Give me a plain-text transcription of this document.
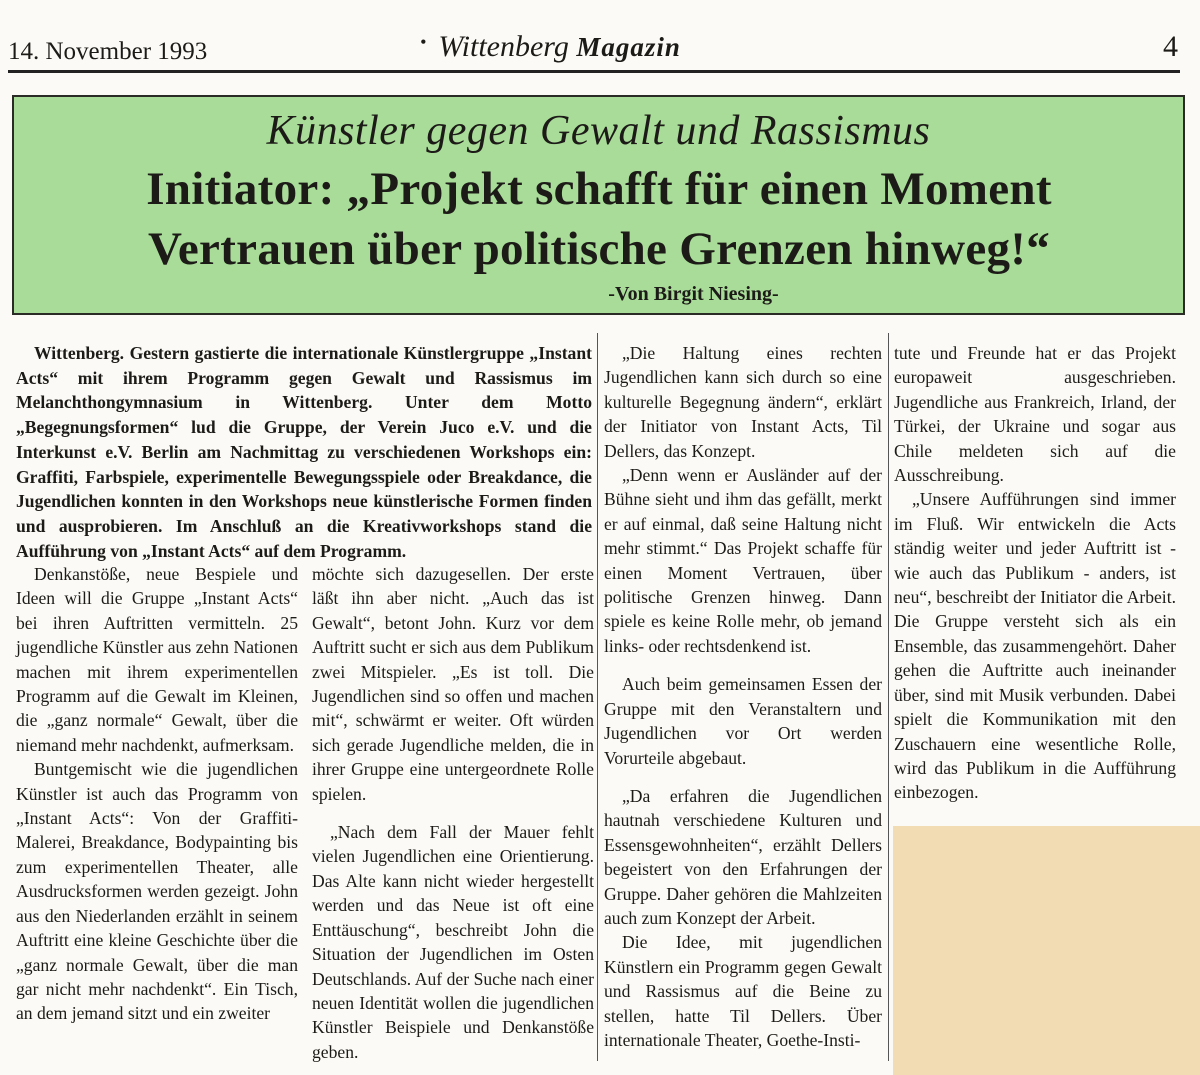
14. November 1993	• Wittenberg Magazin	4
Künstler gegen Gewalt und Rassismus
Initiator: „Projekt schafft für einen Moment
Vertrauen über politische Grenzen hinweg!“
-Von Birgit Niesing-
Wittenberg. Gestern gastierte die internationale Künstlergruppe „Instant Acts“ mit ihrem Programm gegen Gewalt und Rassismus im Melanchthongymnasium in Wittenberg. Unter dem Motto „Begegnungsformen“ lud die Gruppe, der Verein Juco e.V. und die Interkunst e.V. Berlin am Nachmittag zu verschiedenen Workshops ein: Graffiti, Farbspiele, experimentelle Bewegungsspiele oder Breakdance, die Jugendlichen konnten in den Workshops neue künstlerische Formen finden und ausprobieren. Im Anschluß an die Kreativworkshops stand die Aufführung von „Instant Acts“ auf dem Programm.

Denkanstöße, neue Bespiele und Ideen will die Gruppe „Instant Acts“ bei ihren Auftritten vermitteln. 25 jugendliche Künstler aus zehn Nationen machen mit ihrem experimentellen Programm auf die Gewalt im Kleinen, die „ganz normale“ Gewalt, über die niemand mehr nachdenkt, aufmerksam.

Buntgemischt wie die jugendlichen Künstler ist auch das Programm von „Instant Acts“: Von der Graffiti-Malerei, Breakdance, Bodypainting bis zum experimentellen Theater, alle Ausdrucksformen werden gezeigt. John aus den Niederlanden erzählt in seinem Auftritt eine kleine Geschichte über die „ganz normale Gewalt, über die man gar nicht mehr nachdenkt“. Ein Tisch, an dem jemand sitzt und ein zweiter

möchte sich dazugesellen. Der erste läßt ihn aber nicht. „Auch das ist Gewalt“, betont John. Kurz vor dem Auftritt sucht er sich aus dem Publikum zwei Mitspieler. „Es ist toll. Die Jugendlichen sind so offen und machen mit“, schwärmt er weiter. Oft würden sich gerade Jugendliche melden, die in ihrer Gruppe eine untergeordnete Rolle spielen.

„Nach dem Fall der Mauer fehlt vielen Jugendlichen eine Orientierung. Das Alte kann nicht wieder hergestellt werden und das Neue ist oft eine Enttäuschung“, beschreibt John die Situation der Jugendlichen im Osten Deutschlands. Auf der Suche nach einer neuen Identität wollen die jugendlichen Künstler Beispiele und Denkanstöße geben.

„Die Haltung eines rechten Jugendlichen kann sich durch so eine kulturelle Begegnung ändern“, erklärt der Initiator von Instant Acts, Til Dellers, das Konzept.

„Denn wenn er Ausländer auf der Bühne sieht und ihm das gefällt, merkt er auf einmal, daß seine Haltung nicht mehr stimmt.“ Das Projekt schaffe für einen Moment Vertrauen, über politische Grenzen hinweg. Dann spiele es keine Rolle mehr, ob jemand links- oder rechtsdenkend ist.

Auch beim gemeinsamen Essen der Gruppe mit den Veranstaltern und Jugendlichen vor Ort werden Vorurteile abgebaut.

„Da erfahren die Jugendlichen hautnah verschiedene Kulturen und Essensgewohnheiten“, erzählt Dellers begeistert von den Erfahrungen der Gruppe. Daher gehören die Mahlzeiten auch zum Konzept der Arbeit.

Die Idee, mit jugendlichen Künstlern ein Programm gegen Gewalt und Rassismus auf die Beine zu stellen, hatte Til Dellers. Über internationale Theater, Goethe-Insti-

tute und Freunde hat er das Projekt europaweit ausgeschrieben. Jugendliche aus Frankreich, Irland, der Türkei, der Ukraine und sogar aus Chile meldeten sich auf die Ausschreibung.

„Unsere Aufführungen sind immer im Fluß. Wir entwickeln die Acts ständig weiter und jeder Auftritt ist - wie auch das Publikum - anders, ist neu“, beschreibt der Initiator die Arbeit. Die Gruppe versteht sich als ein Ensemble, das zusammengehört. Daher gehen die Auftritte auch ineinander über, sind mit Musik verbunden. Dabei spielt die Kommunikation mit den Zuschauern eine wesentliche Rolle, wird das Publikum in die Aufführung einbezogen.
